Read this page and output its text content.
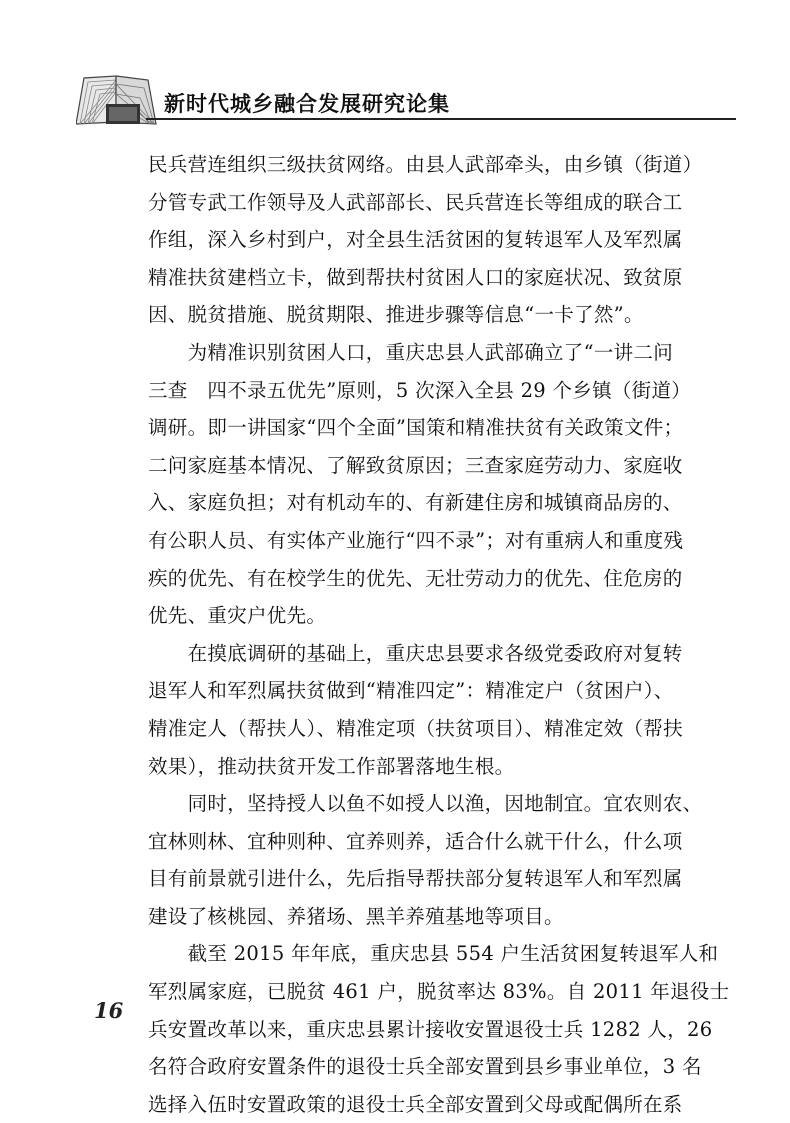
新时代城乡融合发展研究论集
民兵营连组织三级扶贫网络。由县人武部牵头，由乡镇（街道）
分管专武工作领导及人武部部长、民兵营连长等组成的联合工
作组，深入乡村到户，对全县生活贫困的复转退军人及军烈属
精准扶贫建档立卡，做到帮扶村贫困人口的家庭状况、致贫原
因、脱贫措施、脱贫期限、推进步骤等信息“一卡了然”。
　　为精准识别贫困人口，重庆忠县人武部确立了“一讲二问
三查　四不录五优先”原则，5 次深入全县 29 个乡镇（街道）
调研。即一讲国家“四个全面”国策和精准扶贫有关政策文件；
二问家庭基本情况、了解致贫原因；三查家庭劳动力、家庭收
入、家庭负担；对有机动车的、有新建住房和城镇商品房的、
有公职人员、有实体产业施行“四不录”；对有重病人和重度残
疾的优先、有在校学生的优先、无壮劳动力的优先、住危房的
优先、重灾户优先。
　　在摸底调研的基础上，重庆忠县要求各级党委政府对复转
退军人和军烈属扶贫做到“精准四定”：精准定户（贫困户）、
精准定人（帮扶人）、精准定项（扶贫项目）、精准定效（帮扶
效果），推动扶贫开发工作部署落地生根。
　　同时，坚持授人以鱼不如授人以渔，因地制宜。宜农则农、
宜林则林、宜种则种、宜养则养，适合什么就干什么，什么项
目有前景就引进什么，先后指导帮扶部分复转退军人和军烈属
建设了核桃园、养猪场、黑羊养殖基地等项目。
　　截至 2015 年年底，重庆忠县 554 户生活贫困复转退军人和
军烈属家庭，已脱贫 461 户，脱贫率达 83%。自 2011 年退役士
兵安置改革以来，重庆忠县累计接收安置退役士兵 1282 人，26
名符合政府安置条件的退役士兵全部安置到县乡事业单位，3 名
选择入伍时安置政策的退役士兵全部安置到父母或配偶所在系
16
